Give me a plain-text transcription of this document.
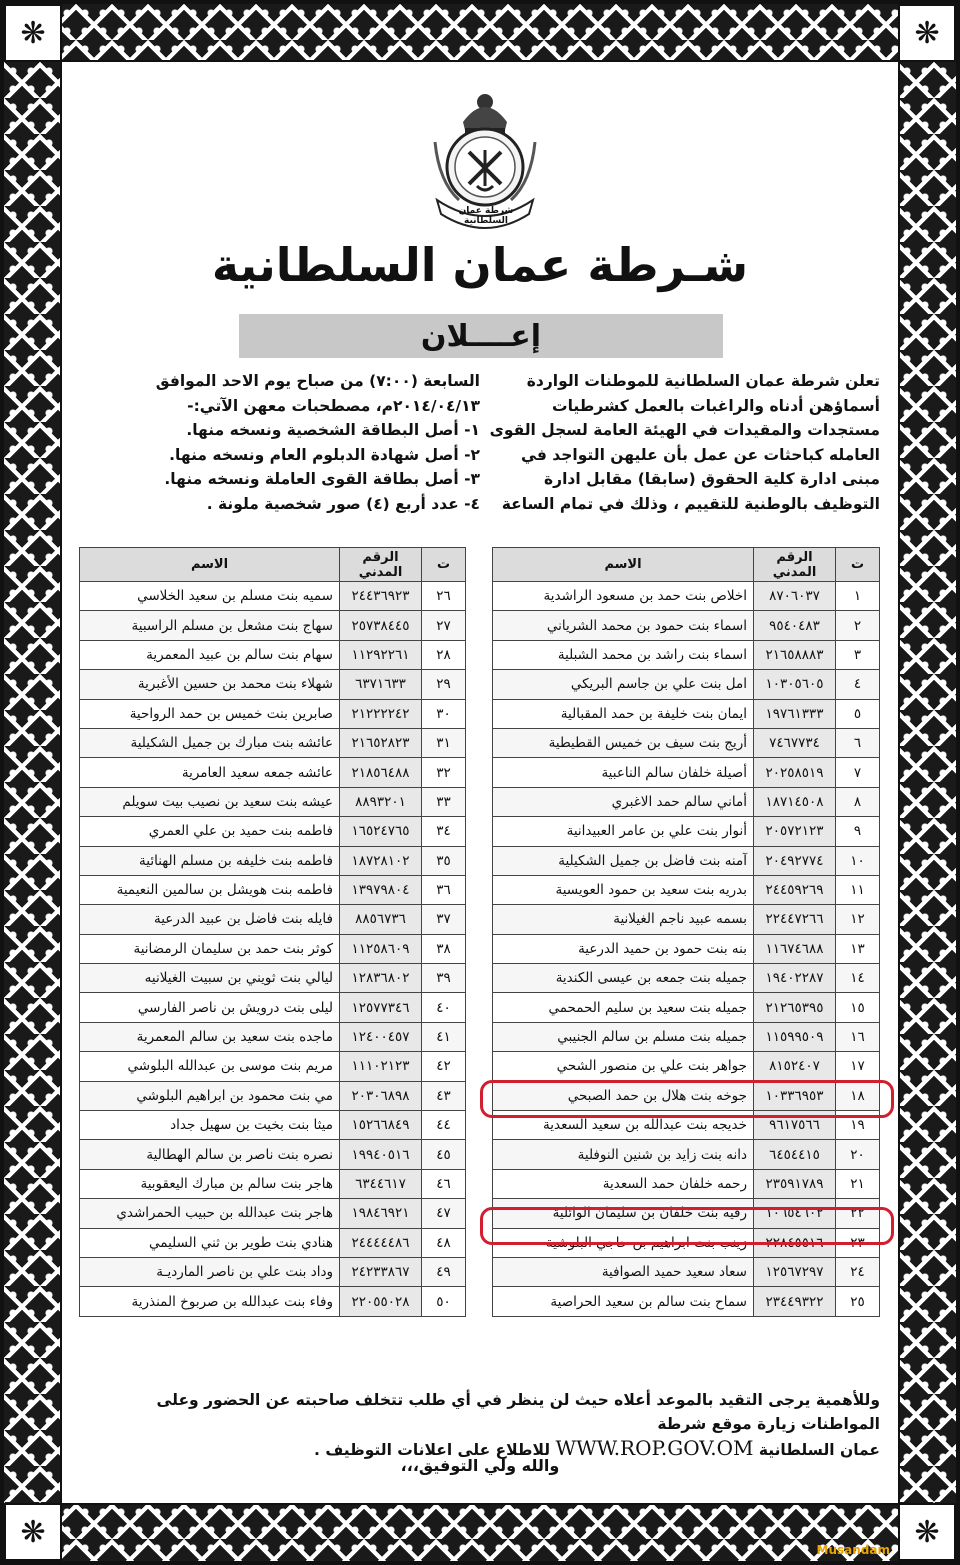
❋	❋
❋	❋
شرطة عمان السلطانية
شـرطة عمان السلطانية
إعــــلان
تعلن شرطة عمان السلطانية للموطنات الواردة
أسماؤهن أدناه والراغبات بالعمل كشرطيات
مستجدات والمقيدات في الهيئة العامة لسجل القوى
العامله كباحثات عن عمل بأن عليهن التواجد في
مبنى ادارة كلية الحقوق (سابقا) مقابل ادارة
التوظيف بالوطنية للتقييم ، وذلك في تمام الساعة
السابعة (٧:٠٠) من صباح يوم الاحد الموافق
٢٠١٤/٠٤/١٣م، مصطحبات معهن الآتي:-
١- أصل البطاقة الشخصية ونسخه منها.
٢- أصل شهادة الدبلوم العام ونسخه منها.
٣- أصل بطاقة القوى العاملة ونسخه منها.
٤- عدد أربع (٤) صور شخصية ملونة .
ت	الرقم المدني	الاسم
١	٨٧٠٦٠٣٧	اخلاص بنت حمد بن مسعود الراشدية
٢	٩٥٤٠٤٨٣	اسماء بنت حمود بن محمد الشرياني
٣	٢١٦٥٨٨٨٣	اسماء بنت راشد بن محمد الشبلية
٤	١٠٣٠٥٦٠٥	امل بنت علي بن جاسم البريكي
٥	١٩٧٦١٣٣٣	ايمان بنت خليفة بن حمد المقبالية
٦	٧٤٦٧٧٣٤	أريج بنت سيف بن خميس القطيطية
٧	٢٠٢٥٨٥١٩	أصيلة خلفان سالم الناعبية
٨	١٨٧١٤٥٠٨	أماني سالم حمد الاغبري
٩	٢٠٥٧٢١٢٣	أنوار بنت علي بن عامر العبيدانية
١٠	٢٠٤٩٢٧٧٤	آمنه بنت فاضل بن جميل الشكيلية
١١	٢٤٤٥٩٢٦٩	بدريه بنت سعيد بن حمود العويسية
١٢	٢٢٤٤٧٢٦٦	بسمه عبيد ناجم الغيلانية
١٣	١١٦٧٤٦٨٨	بنه بنت حمود بن حميد الدرعية
١٤	١٩٤٠٢٢٨٧	جميله بنت جمعه بن عيسى الكندية
١٥	٢١٢٦٥٣٩٥	جميله بنت سعيد بن سليم الحمحمي
١٦	١١٥٩٩٥٠٩	جميله بنت مسلم بن سالم الجنيبي
١٧	٨١٥٢٤٠٧	جواهر بنت علي بن منصور الشحي
١٨	١٠٣٣٦٩٥٣	جوخه بنت هلال بن حمد الصبحي
١٩	٩٦١٧٥٦٦	خديجه بنت عبدالله بن سعيد السعدية
٢٠	٦٤٥٤٤١٥	دانه بنت زايد بن شنين النوفلية
٢١	٢٣٥٩١٧٨٩	رحمه خلفان حمد السعدية
٢٢	١٠٦٥٤٦٠٢	رقيه بنت خلفان بن سليمان الوائلية
٢٣	٢٢٨٤٥٥١٦	زينب بنت ابراهيم بن حاجي البلوشية
٢٤	١٢٥٦٧٢٩٧	سعاد سعيد حميد الصوافية
٢٥	٢٣٤٤٩٣٢٢	سماح بنت سالم بن سعيد الحراصية
ت	الرقم المدني	الاسم
٢٦	٢٤٤٣٦٩٢٣	سميه بنت مسلم بن سعيد الخلاسي
٢٧	٢٥٧٣٨٤٤٥	سهاج بنت مشعل بن مسلم الراسبية
٢٨	١١٢٩٢٢٦١	سهام بنت سالم بن عبيد المعمرية
٢٩	٦٣٧١٦٣٣	شهلاء بنت محمد بن حسين الأغبرية
٣٠	٢١٢٢٢٢٤٢	صابرين بنت خميس بن حمد الرواحية
٣١	٢١٦٥٢٨٢٣	عائشه بنت مبارك بن جميل الشكيلية
٣٢	٢١٨٥٦٤٨٨	عائشه جمعه سعيد العامرية
٣٣	٨٨٩٣٢٠١	عيشه بنت سعيد بن نصيب بيت سويلم
٣٤	١٦٥٢٤٧٦٥	فاطمه بنت حميد بن علي العمري
٣٥	١٨٧٢٨١٠٢	فاطمه بنت خليفه بن مسلم الهنائية
٣٦	١٣٩٧٩٨٠٤	فاطمه بنت هويشل بن سالمين النعيمية
٣٧	٨٨٥٦٧٣٦	فايله بنت فاضل بن عبيد الدرعية
٣٨	١١٢٥٨٦٠٩	كوثر بنت حمد بن سليمان الرمضانية
٣٩	١٢٨٣٦٨٠٢	ليالي بنت ثويني بن سبيت الغيلانيه
٤٠	١٢٥٧٧٣٤٦	ليلى بنت درويش بن ناصر الفارسي
٤١	١٢٤٠٠٤٥٧	ماجده بنت سعيد بن سالم المعمرية
٤٢	١١١٠٢١٢٣	مريم بنت موسى بن عبدالله البلوشي
٤٣	٢٠٣٠٦٨٩٨	مي بنت محمود بن ابراهيم البلوشي
٤٤	١٥٢٦٦٨٤٩	ميثا بنت بخيت بن سهيل جداد
٤٥	١٩٩٤٠٥١٦	نصره بنت ناصر بن سالم الهطالية
٤٦	٦٣٤٤٦١٧	هاجر بنت سالم بن مبارك اليعقوبية
٤٧	١٩٨٤٦٩٢١	هاجر بنت عبدالله بن حبيب الحمراشدي
٤٨	٢٤٤٤٤٤٨٦	هنادي بنت طوير بن ثني السليمي
٤٩	٢٤٢٣٣٨٦٧	وداد بنت علي بن ناصر المارديـة
٥٠	٢٢٠٥٥٠٢٨	وفاء بنت عبدالله بن صربوخ المنذرية
وللأهمية يرجى التقيد بالموعد أعلاه حيث لن ينظر في أي طلب تتخلف صاحبته عن الحضور وعلى المواطنات زيارة موقع شرطة
عمان السلطانية WWW.ROP.GOV.OM للاطلاع على اعلانات التوظيف .
والله ولي التوفيق،،،
Musandam
